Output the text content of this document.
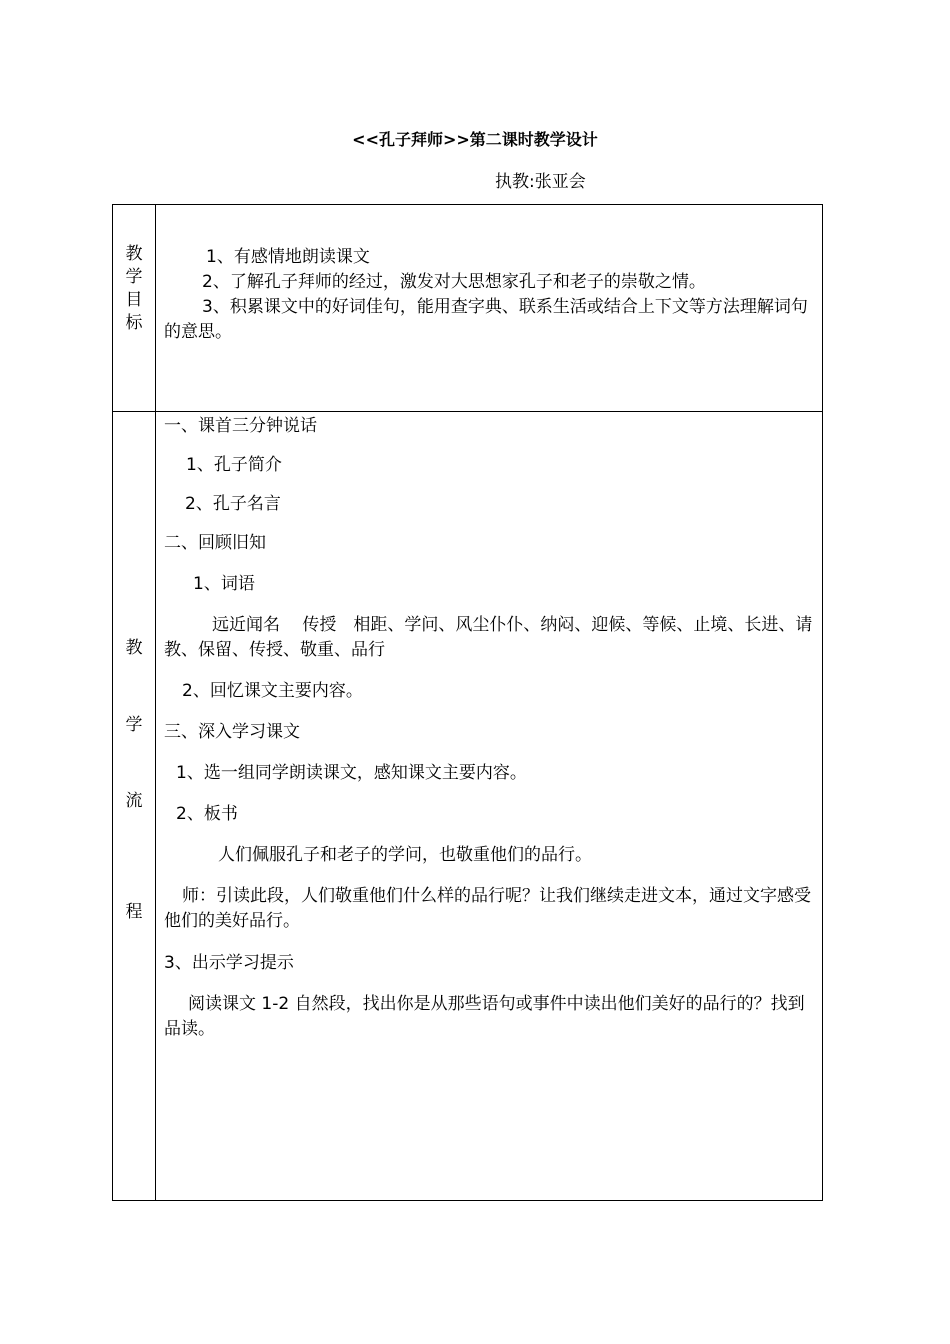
<<孔子拜师>>第二课时教学设计
执教:张亚会
教
学
目
标

1、有感情地朗读课文

2、了解孔子拜师的经过，激发对大思想家孔子和老子的崇敬之情。

3、积累课文中的好词佳句，能用查字典、联系生活或结合上下文等方法理解词句的意思。

教
学
流
程

一、课首三分钟说话

1、孔子简介

2、孔子名言

二、回顾旧知

1、词语

远近闻名　 传授　相距、学问、风尘仆仆、纳闷、迎候、等候、止境、长进、请教、保留、传授、敬重、品行

2、回忆课文主要内容。

三、深入学习课文

1、选一组同学朗读课文，感知课文主要内容。

2、板书

人们佩服孔子和老子的学问，也敬重他们的品行。

师：引读此段，人们敬重他们什么样的品行呢？让我们继续走进文本，通过文字感受他们的美好品行。

3、出示学习提示

阅读课文 1-2 自然段，找出你是从那些语句或事件中读出他们美好的品行的？找到品读。
